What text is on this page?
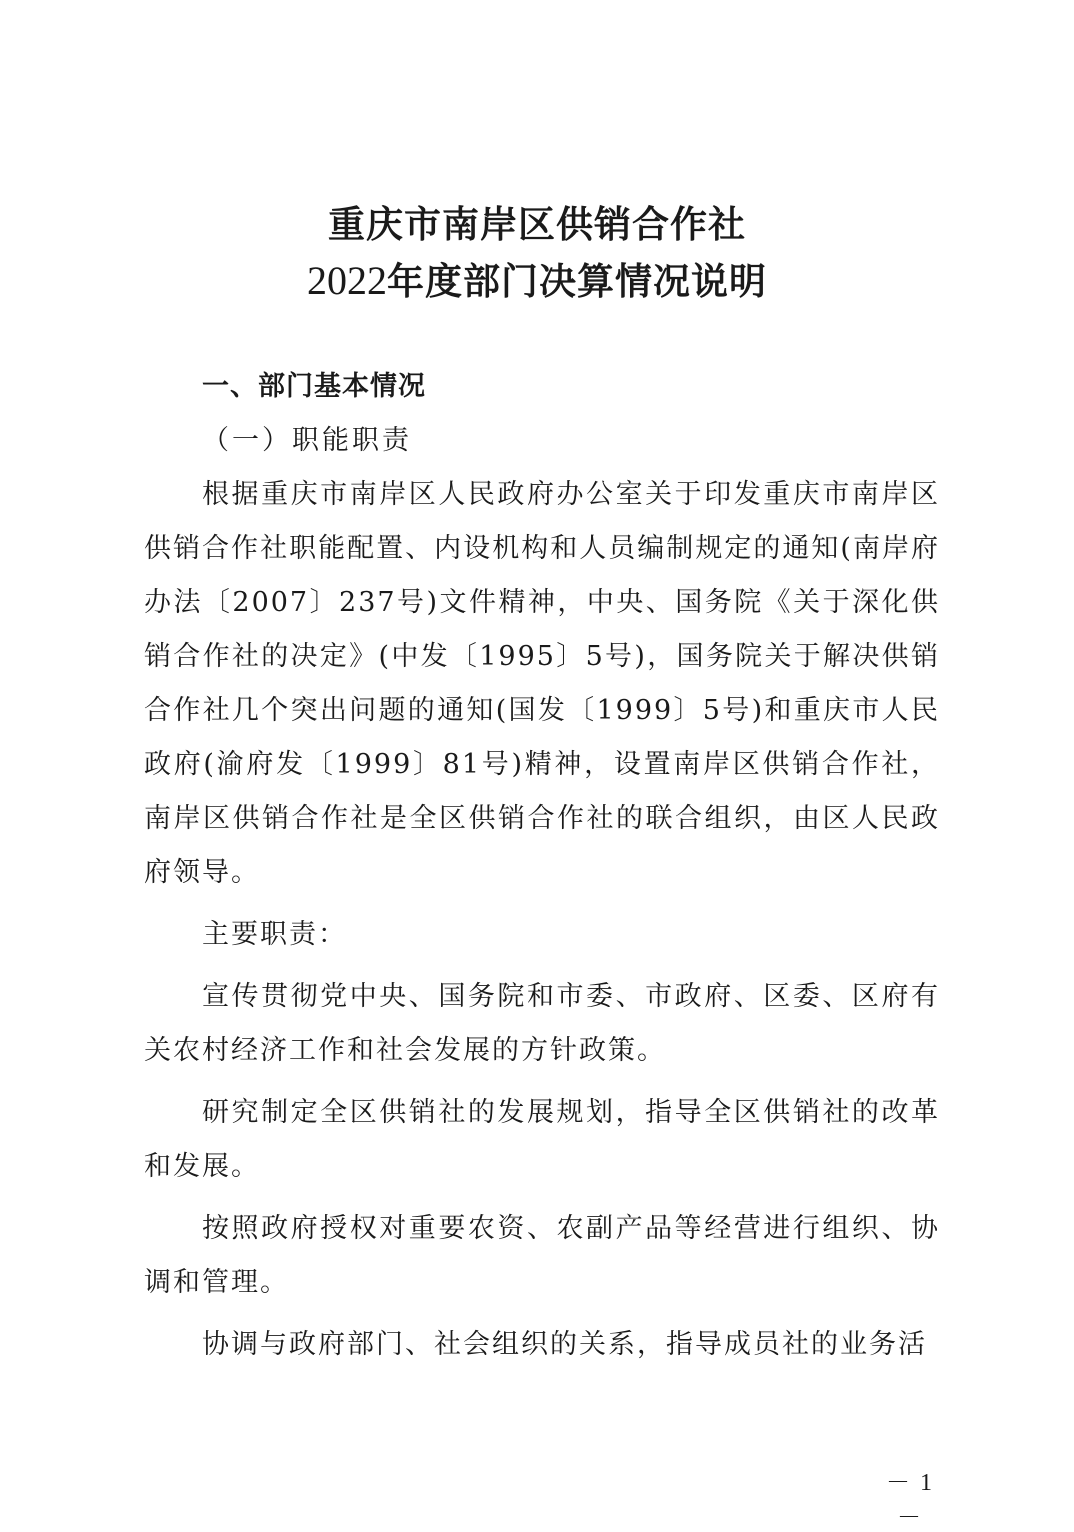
重庆市南岸区供销合作社
2022年度部门决算情况说明

一、部门基本情况

（一）职能职责

根据重庆市南岸区人民政府办公室关于印发重庆市南岸区供销合作社职能配置、内设机构和人员编制规定的通知(南岸府办法〔2007〕237号)文件精神，中央、国务院《关于深化供销合作社的决定》(中发〔1995〕5号)，国务院关于解决供销合作社几个突出问题的通知(国发〔1999〕5号)和重庆市人民政府(渝府发〔1999〕81号)精神，设置南岸区供销合作社，南岸区供销合作社是全区供销合作社的联合组织，由区人民政府领导。

主要职责：

宣传贯彻党中央、国务院和市委、市政府、区委、区府有关农村经济工作和社会发展的方针政策。

研究制定全区供销社的发展规划，指导全区供销社的改革和发展。

按照政府授权对重要农资、农副产品等经营进行组织、协调和管理。

协调与政府部门、社会组织的关系，指导成员社的业务活

－ 1 －
